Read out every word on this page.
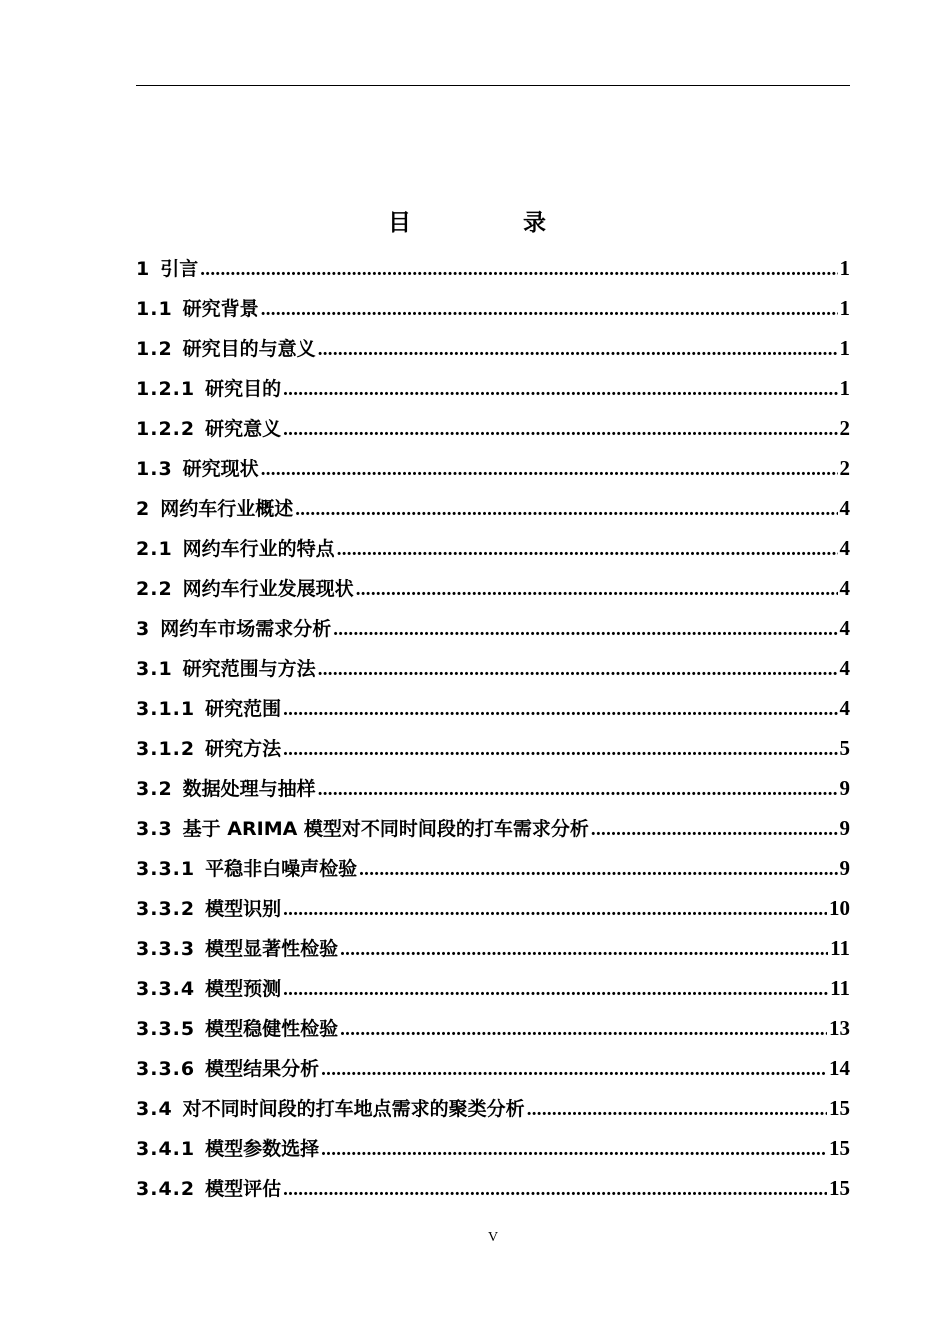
目 录
1 引言 .....	1
1.1 研究背景 .....	1
1.2 研究目的与意义 .....	1
1.2.1 研究目的 .....	1
1.2.2 研究意义 .....	2
1.3 研究现状 .....	2
2 网约车行业概述 .....	4
2.1 网约车行业的特点 .....	4
2.2 网约车行业发展现状 .....	4
3 网约车市场需求分析 .....	4
3.1 研究范围与方法 .....	4
3.1.1 研究范围 .....	4
3.1.2 研究方法 .....	5
3.2 数据处理与抽样 .....	9
3.3 基于 ARIMA 模型对不同时间段的打车需求分析 .....	9
3.3.1 平稳非白噪声检验 .....	9
3.3.2 模型识别 .....	10
3.3.3 模型显著性检验 .....	11
3.3.4 模型预测 .....	11
3.3.5 模型稳健性检验 .....	13
3.3.6 模型结果分析 .....	14
3.4 对不同时间段的打车地点需求的聚类分析 .....	15
3.4.1 模型参数选择 .....	15
3.4.2 模型评估 .....	15
V
